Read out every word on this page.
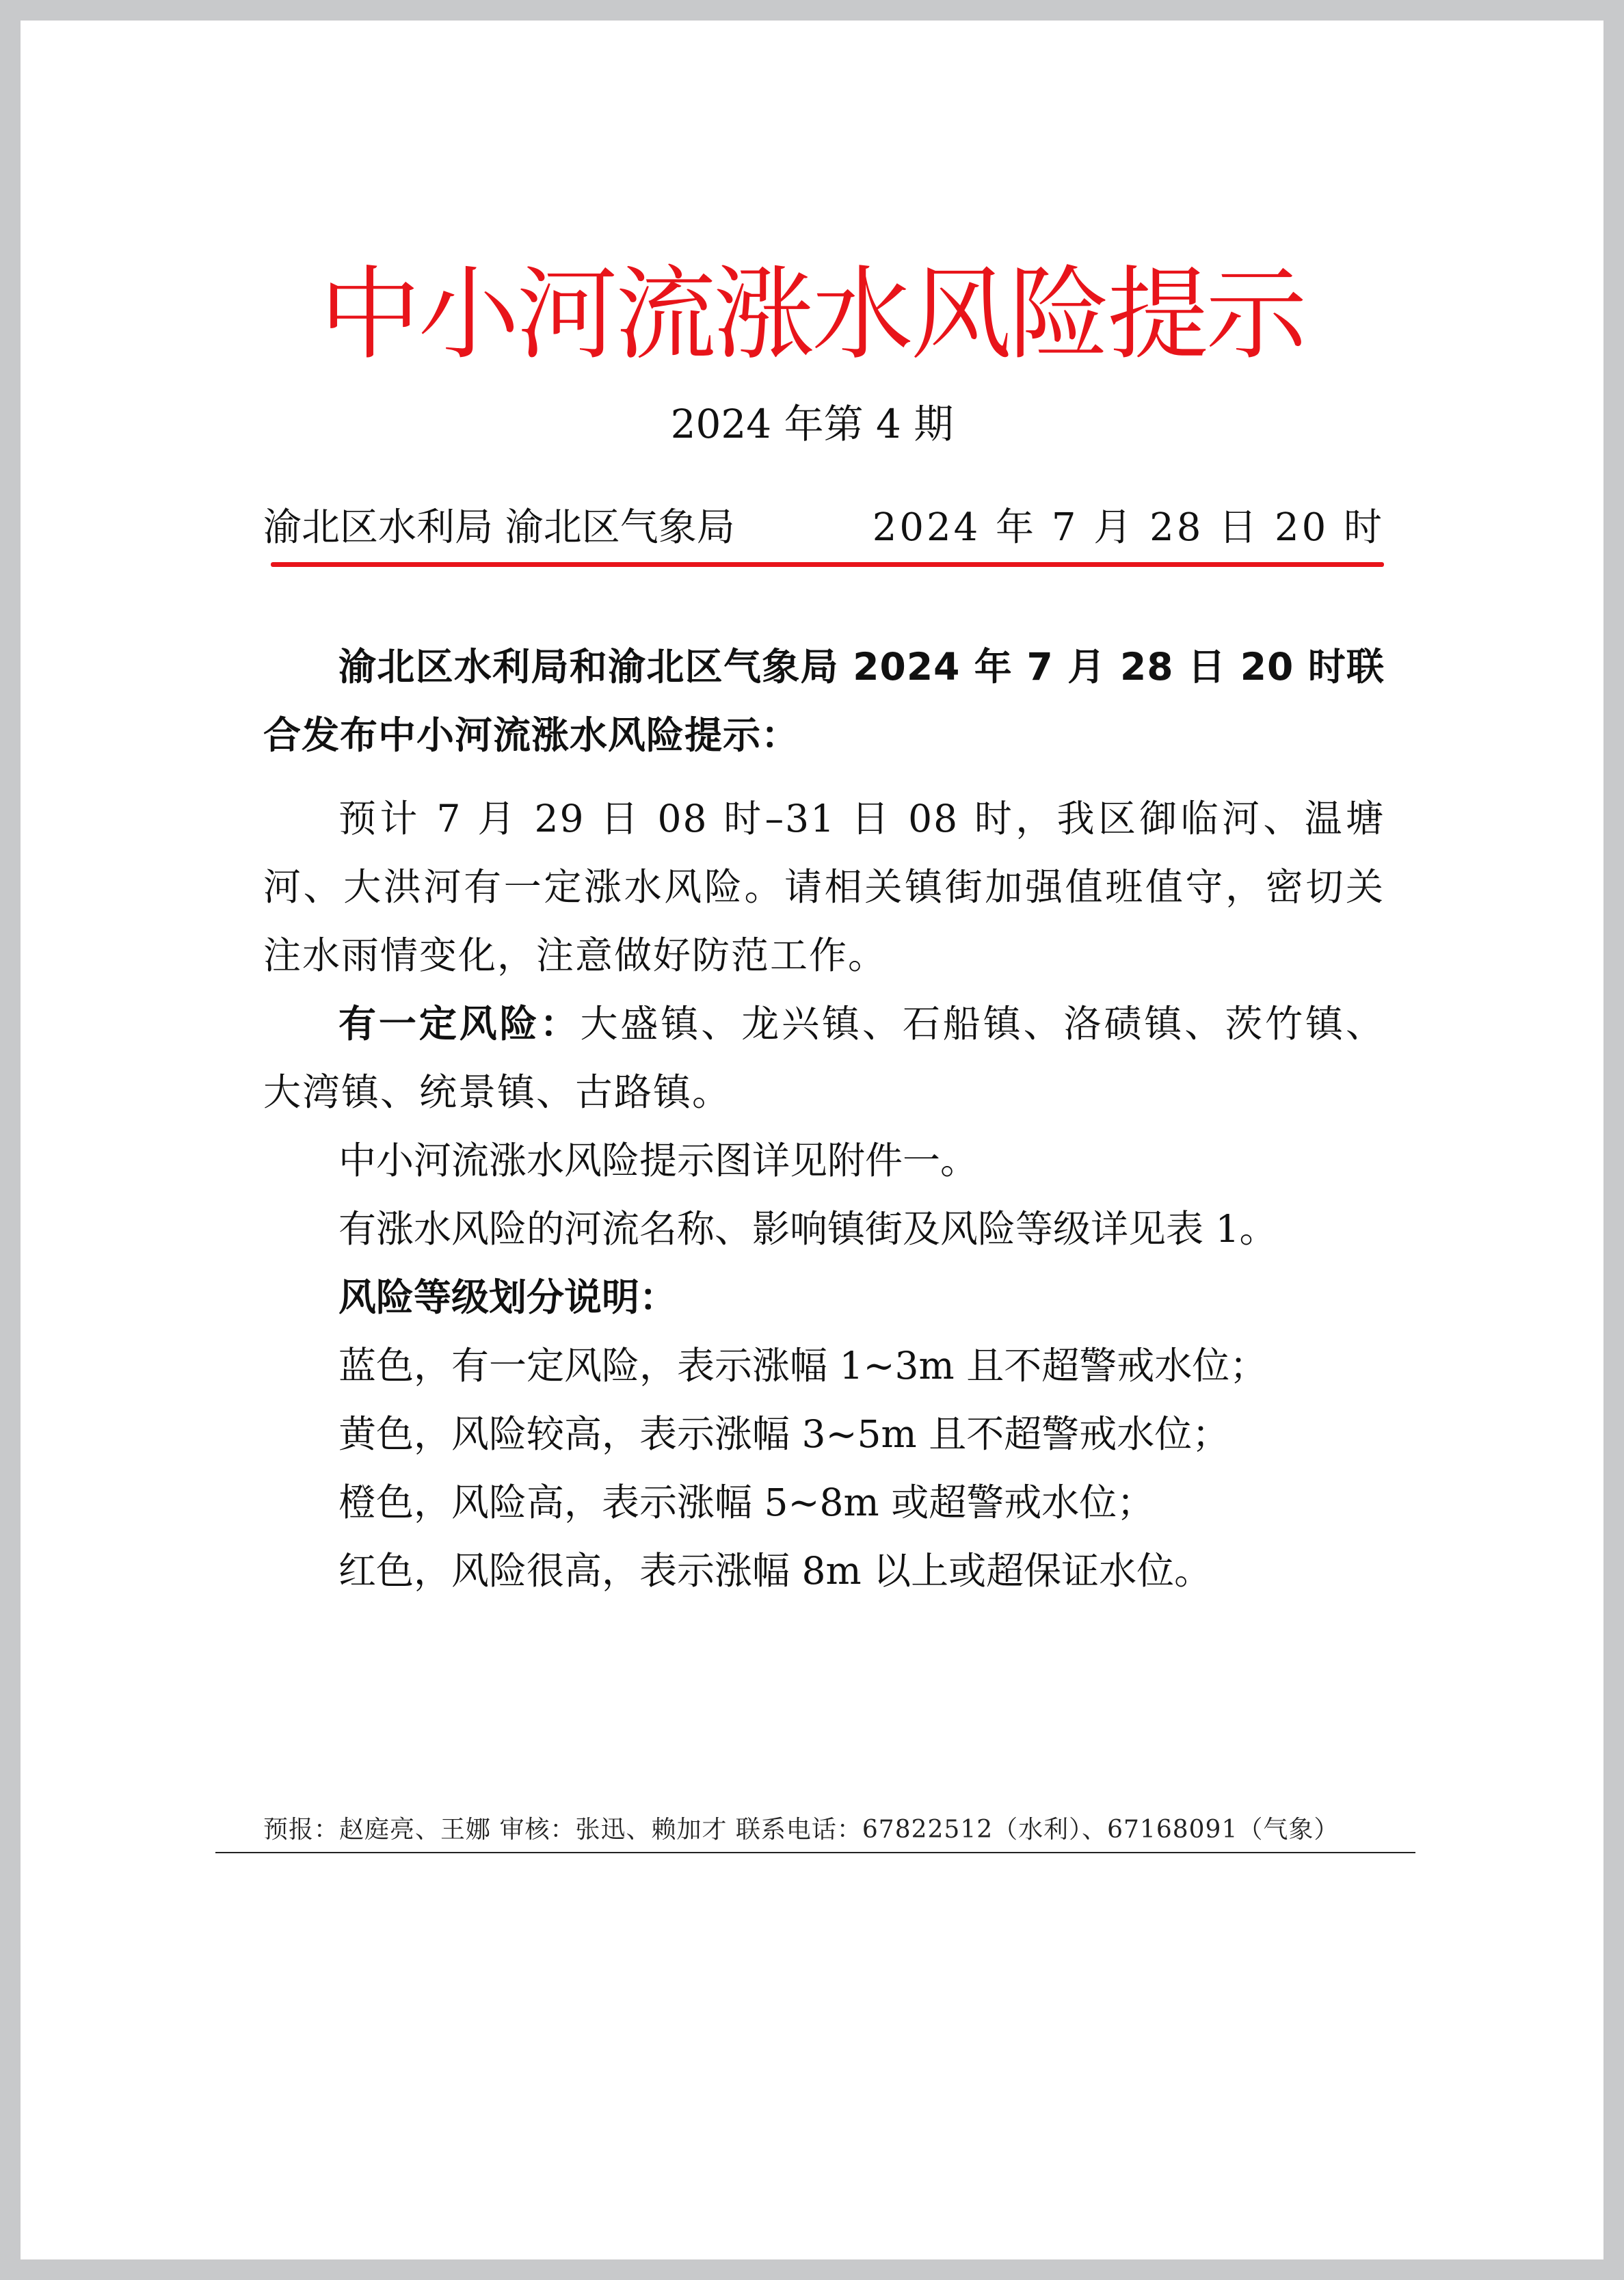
中小河流涨水风险提示
2024 年第 4 期
渝北区水利局 渝北区气象局	2024 年 7 月 28 日 20 时

渝北区水利局和渝北区气象局 2024 年 7 月 28 日 20 时联合发布中小河流涨水风险提示：

预计 7 月 29 日 08 时–31 日 08 时，我区御临河、温塘河、大洪河有一定涨水风险。请相关镇街加强值班值守，密切关注水雨情变化，注意做好防范工作。

有一定风险：大盛镇、龙兴镇、石船镇、洛碛镇、茨竹镇、大湾镇、统景镇、古路镇。

中小河流涨水风险提示图详见附件一。

有涨水风险的河流名称、影响镇街及风险等级详见表 1。

风险等级划分说明：

蓝色，有一定风险，表示涨幅 1~3m 且不超警戒水位；

黄色，风险较高，表示涨幅 3~5m 且不超警戒水位；

橙色，风险高，表示涨幅 5~8m 或超警戒水位；

红色，风险很高，表示涨幅 8m 以上或超保证水位。

预报：赵庭亮、王娜 审核：张迅、赖加才 联系电话：67822512（水利）、67168091（气象）
